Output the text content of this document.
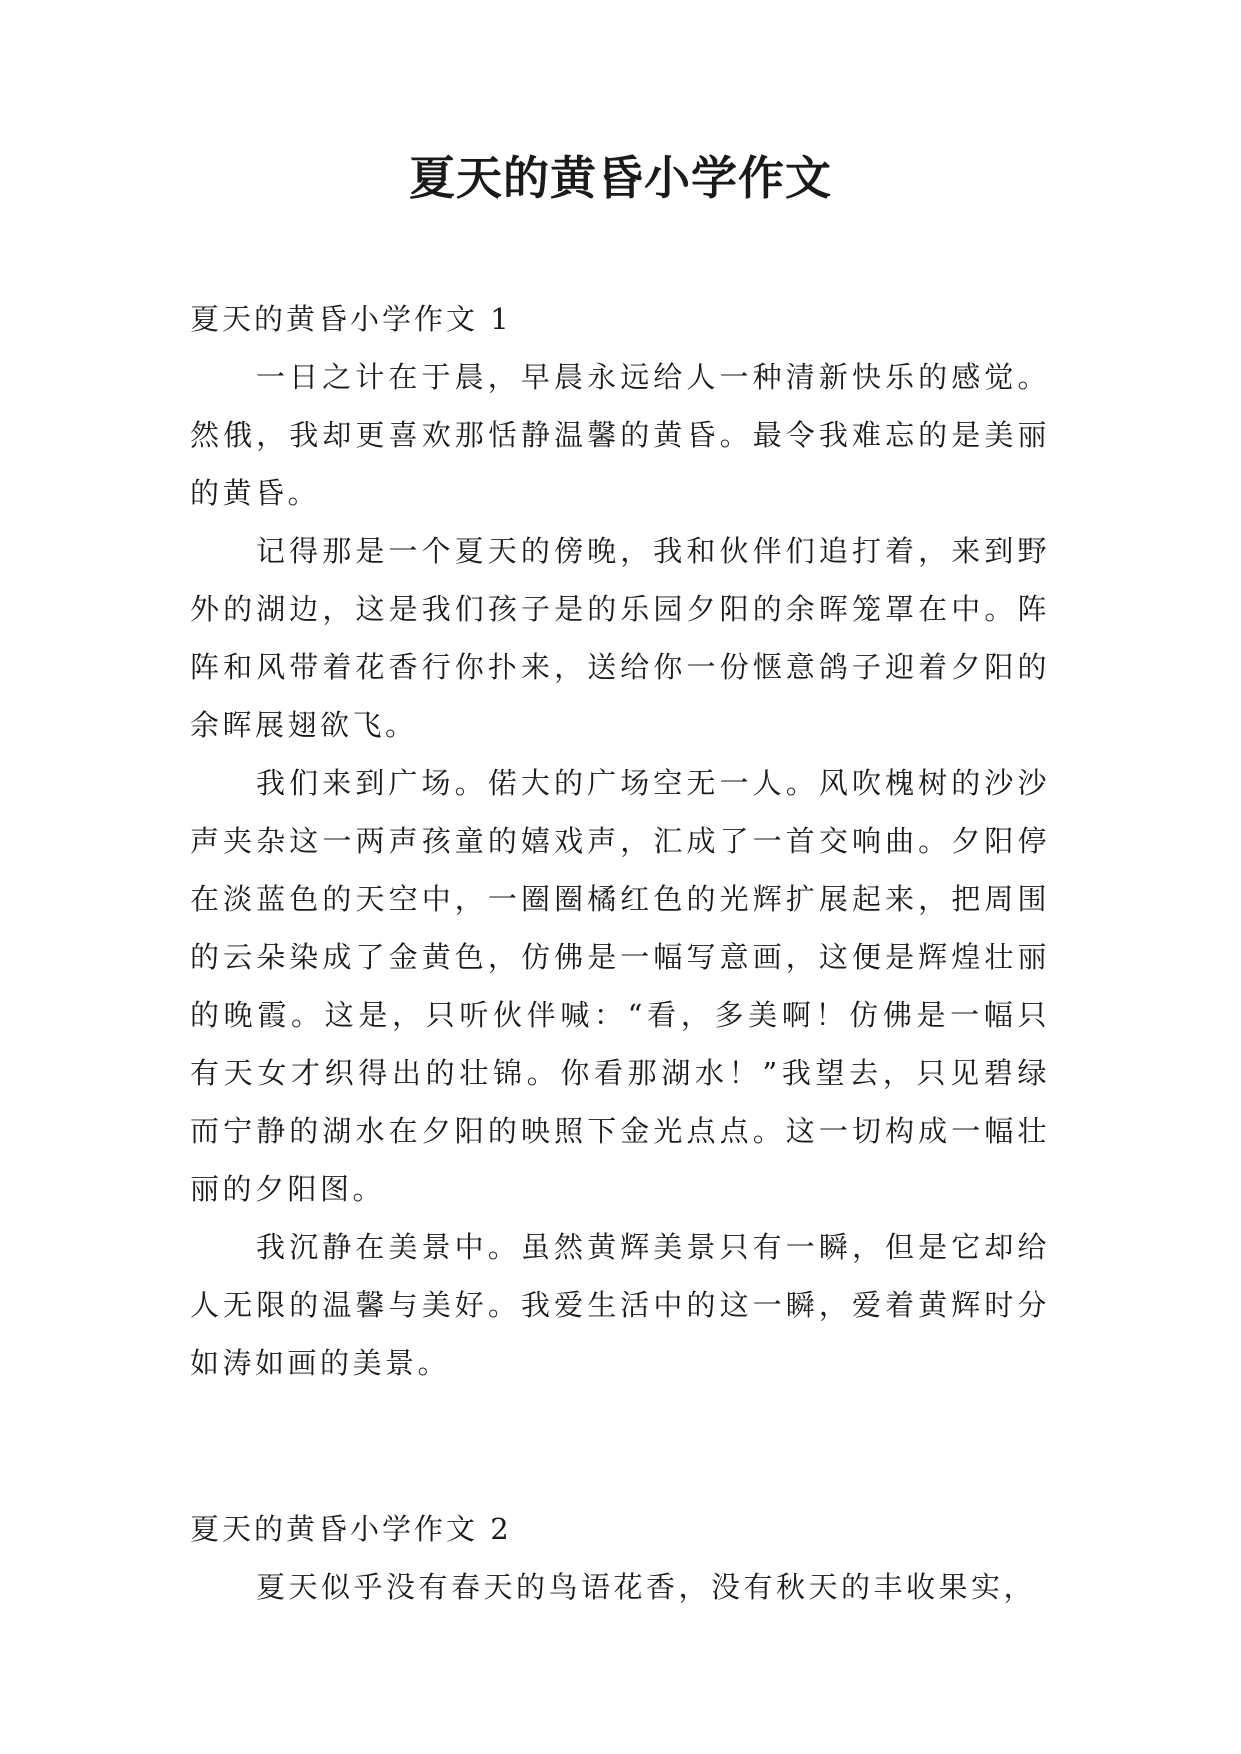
夏天的黄昏小学作文
夏天的黄昏小学作文 1

一日之计在于晨，早晨永远给人一种清新快乐的感觉。然俄，我却更喜欢那恬静温馨的黄昏。最令我难忘的是美丽的黄昏。

记得那是一个夏天的傍晚，我和伙伴们追打着，来到野外的湖边，这是我们孩子是的乐园夕阳的余晖笼罩在中。阵阵和风带着花香行你扑来，送给你一份惬意鸽子迎着夕阳的余晖展翅欲飞。

我们来到广场。偌大的广场空无一人。风吹槐树的沙沙声夹杂这一两声孩童的嬉戏声，汇成了一首交响曲。夕阳停在淡蓝色的天空中，一圈圈橘红色的光辉扩展起来，把周围的云朵染成了金黄色，仿佛是一幅写意画，这便是辉煌壮丽的晚霞。这是，只听伙伴喊：“看，多美啊！仿佛是一幅只有天女才织得出的壮锦。你看那湖水！”我望去，只见碧绿而宁静的湖水在夕阳的映照下金光点点。这一切构成一幅壮丽的夕阳图。

我沉静在美景中。虽然黄辉美景只有一瞬，但是它却给人无限的温馨与美好。我爱生活中的这一瞬，爱着黄辉时分如涛如画的美景。

夏天的黄昏小学作文 2

夏天似乎没有春天的鸟语花香，没有秋天的丰收果实，
